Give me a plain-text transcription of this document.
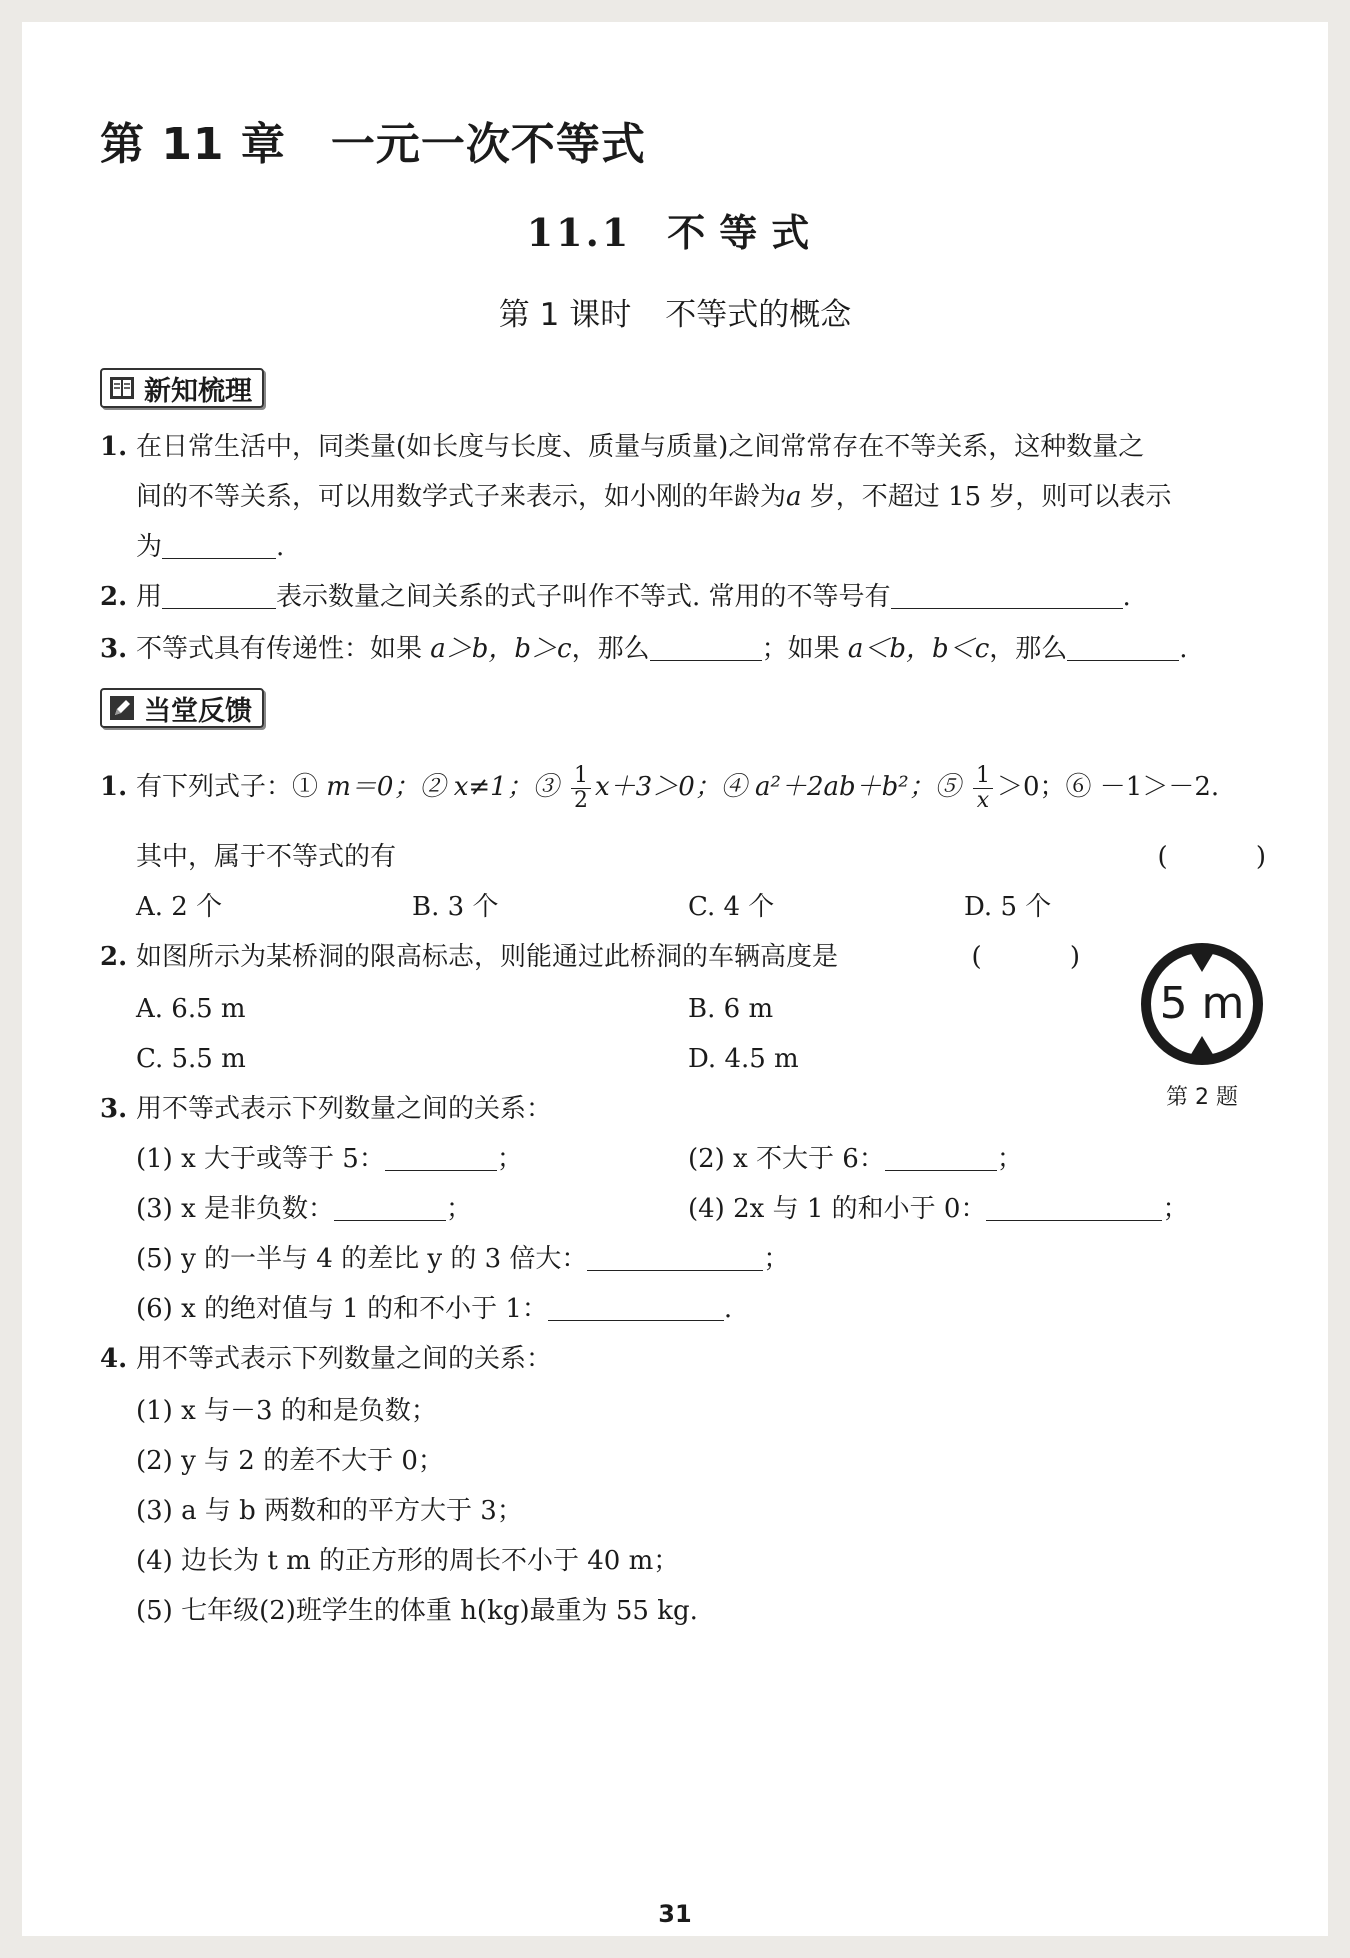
第 11 章　一元一次不等式
11.1 不等式
第 1 课时 不等式的概念
新知梳理
1. 在日常生活中，同类量(如长度与长度、质量与质量)之间常常存在不等关系，这种数量之
间的不等关系，可以用数学式子来表示，如小刚的年龄为a 岁，不超过 15 岁，则可以表示
为	.
2. 用	表示数量之间关系的式子叫作不等式. 常用的不等号有	.
3. 不等式具有传递性：如果 a＞b，b＞c，那么	；如果 a＜b，b＜c，那么	.
当堂反馈
1. 有下列式子：① m＝0；② x≠1；③ $\frac{1}{2} x+3>0$；④ a²＋2ab＋b²；⑤ $\frac{1}{x} >0$；⑥ －1＞－2.
其中，属于不等式的有	( )
A. 2 个	B. 3 个	C. 4 个	D. 5 个
2. 如图所示为某桥洞的限高标志，则能通过此桥洞的车辆高度是	( )
A. 6.5 m	B. 6 m
C. 5.5 m	D. 4.5 m
5 m
第 2 题
3. 用不等式表示下列数量之间的关系：
(1) x 大于或等于 5：	；	(2) x 不大于 6：	；
(3) x 是非负数：	；	(4) 2x 与 1 的和小于 0：	；
(5) y 的一半与 4 的差比 y 的 3 倍大：	；
(6) x 的绝对值与 1 的和不小于 1：	.
4. 用不等式表示下列数量之间的关系：
(1) x 与－3 的和是负数；
(2) y 与 2 的差不大于 0；
(3) a 与 b 两数和的平方大于 3；
(4) 边长为 t m 的正方形的周长不小于 40 m；
(5) 七年级(2)班学生的体重 h(kg)最重为 55 kg.
31
